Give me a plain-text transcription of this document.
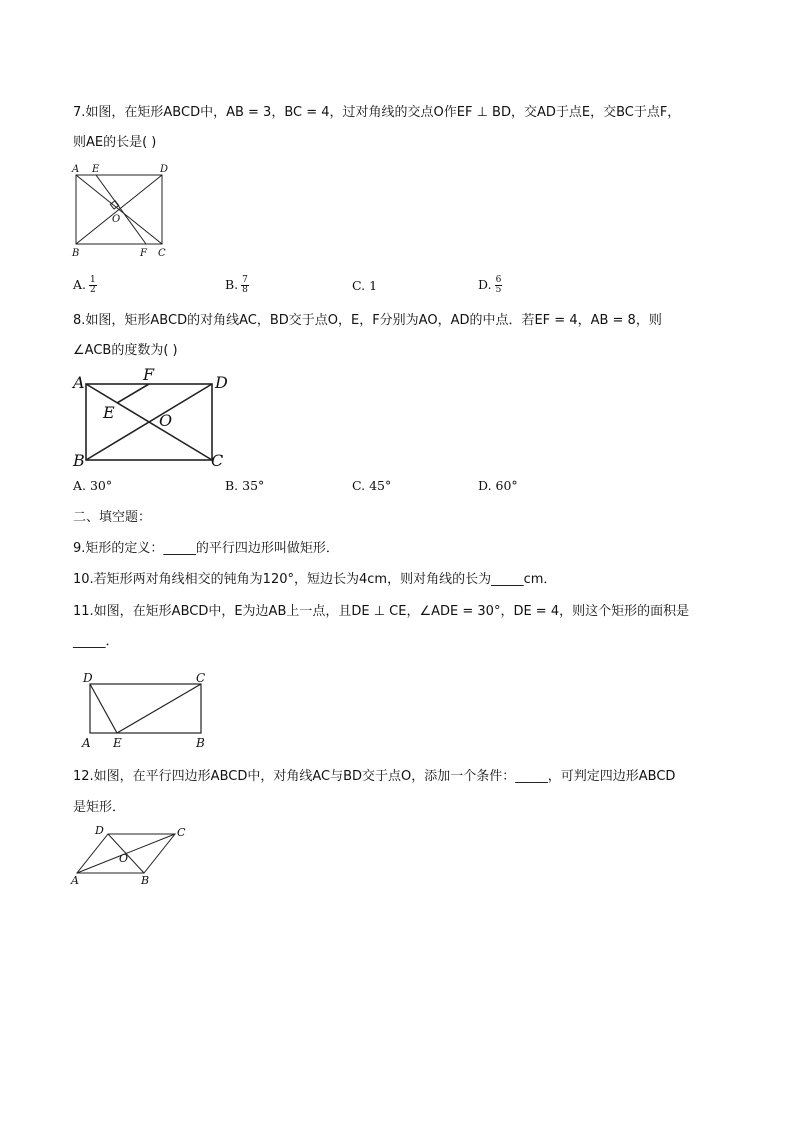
7.如图，在矩形ABCD中，AB = 3，BC = 4，过对角线的交点O作EF ⊥ BD，交AD于点E，交BC于点F，
则AE的长是( )
A E	D
O
B	F C
A. $\frac{1}{2}$	B. $\frac{7}{8}$	C. 1	D. $\frac{6}{5}$
8.如图，矩形ABCD的对角线AC，BD交于点O，E，F分别为AO，AD的中点．若EF = 4，AB = 8，则
∠ACB的度数为( )
A	F	D
E	O
B	C
A. 30°	B. 35°	C. 45°	D. 60°
二、填空题：
9.矩形的定义：_____的平行四边形叫做矩形．
10.若矩形两对角线相交的钝角为120°，短边长为4cm，则对角线的长为_____cm．
11.如图，在矩形ABCD中，E为边AB上一点，且DE ⊥ CE，∠ADE = 30°，DE = 4，则这个矩形的面积是
_____．
D	C
A E	B
12.如图，在平行四边形ABCD中，对角线AC与BD交于点O，添加一个条件：_____，可判定四边形ABCD
是矩形．
D	C
O
A	B
